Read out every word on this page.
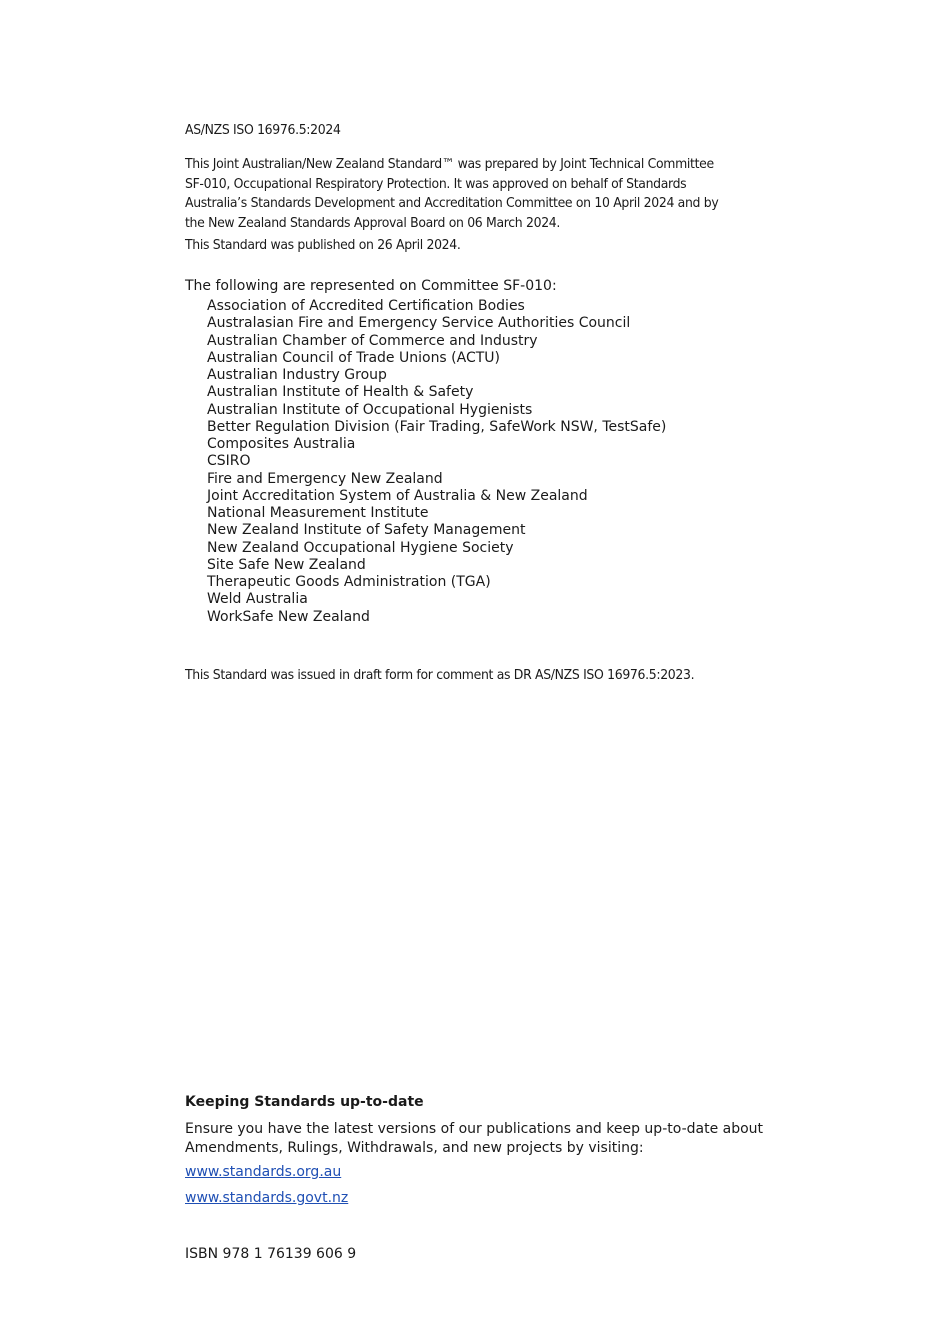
AS/NZS ISO 16976.5:2024
This Joint Australian/New Zealand Standard™ was prepared by Joint Technical Committee
SF-010, Occupational Respiratory Protection. It was approved on behalf of Standards
Australia’s Standards Development and Accreditation Committee on 10 April 2024 and by
the New Zealand Standards Approval Board on 06 March 2024.
This Standard was published on 26 April 2024.
The following are represented on Committee SF-010:
Association of Accredited Certification Bodies
Australasian Fire and Emergency Service Authorities Council
Australian Chamber of Commerce and Industry
Australian Council of Trade Unions (ACTU)
Australian Industry Group
Australian Institute of Health & Safety
Australian Institute of Occupational Hygienists
Better Regulation Division (Fair Trading, SafeWork NSW, TestSafe)
Composites Australia
CSIRO
Fire and Emergency New Zealand
Joint Accreditation System of Australia & New Zealand
National Measurement Institute
New Zealand Institute of Safety Management
New Zealand Occupational Hygiene Society
Site Safe New Zealand
Therapeutic Goods Administration (TGA)
Weld Australia
WorkSafe New Zealand
This Standard was issued in draft form for comment as DR AS/NZS ISO 16976.5:2023.
Keeping Standards up-to-date
Ensure you have the latest versions of our publications and keep up-to-date about
Amendments, Rulings, Withdrawals, and new projects by visiting:
www.standards.org.au
www.standards.govt.nz
ISBN 978 1 76139 606 9
